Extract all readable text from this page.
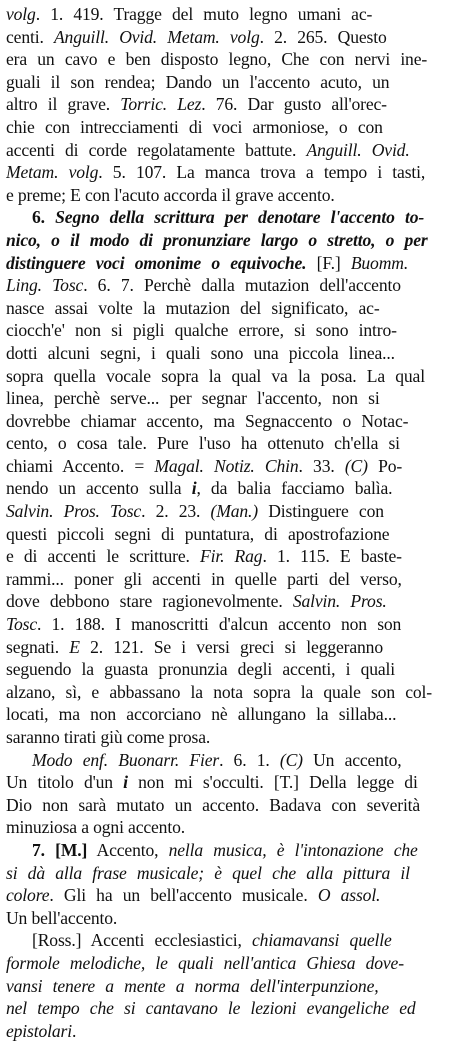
volg. 1. 419. Tragge del muto legno umani ac-
centi. Anguill. Ovid. Metam. volg. 2. 265. Questo
era un cavo e ben disposto legno, Che con nervi ine-
guali il son rendea; Dando un l'accento acuto, un
altro il grave. Torric. Lez. 76. Dar gusto all'orec-
chie con intrecciamenti di voci armoniose, o con
accenti di corde regolatamente battute. Anguill. Ovid.
Metam. volg. 5. 107. La manca trova a tempo i tasti,
e preme; E con l'acuto accorda il grave accento.
6. Segno della scrittura per denotare l'accento to-
nico, o il modo di pronunziare largo o stretto, o per
distinguere voci omonime o equivoche. [F.] Buomm.
Ling. Tosc. 6. 7. Perchè dalla mutazion dell'accento
nasce assai volte la mutazion del significato, ac-
ciocch'e' non si pigli qualche errore, si sono intro-
dotti alcuni segni, i quali sono una piccola linea...
sopra quella vocale sopra la qual va la posa. La qual
linea, perchè serve... per segnar l'accento, non si
dovrebbe chiamar accento, ma Segnaccento o Notac-
cento, o cosa tale. Pure l'uso ha ottenuto ch'ella si
chiami Accento. = Magal. Notiz. Chin. 33. (C) Po-
nendo un accento sulla i, da balia facciamo balìa.
Salvin. Pros. Tosc. 2. 23. (Man.) Distinguere con
questi piccoli segni di puntatura, di apostrofazione
e di accenti le scritture. Fir. Rag. 1. 115. E baste-
rammi... poner gli accenti in quelle parti del verso,
dove debbono stare ragionevolmente. Salvin. Pros.
Tosc. 1. 188. I manoscritti d'alcun accento non son
segnati. E 2. 121. Se i versi greci si leggeranno
seguendo la guasta pronunzia degli accenti, i quali
alzano, sì, e abbassano la nota sopra la quale son col-
locati, ma non accorciano nè allungano la sillaba...
saranno tirati giù come prosa.
Modo enf. Buonarr. Fier. 6. 1. (C) Un accento,
Un titolo d'un i non mi s'occulti. [T.] Della legge di
Dio non sarà mutato un accento. Badava con severità
minuziosa a ogni accento.
7. [M.] Accento, nella musica, è l'intonazione che
si dà alla frase musicale; è quel che alla pittura il
colore. Gli ha un bell'accento musicale. O assol.
Un bell'accento.
[Ross.] Accenti ecclesiastici, chiamavansi quelle
formole melodiche, le quali nell'antica Ghiesa dove-
vansi tenere a mente a norma dell'interpunzione,
nel tempo che si cantavano le lezioni evangeliche ed
epistolari.
